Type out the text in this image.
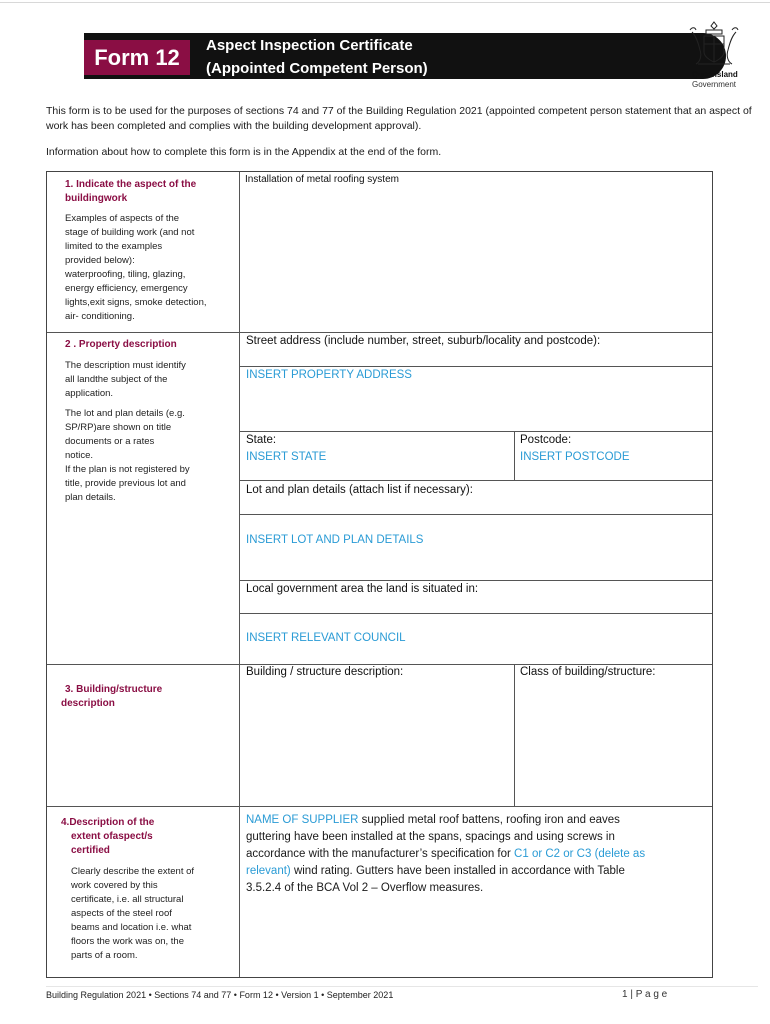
Form 12	Aspect Inspection Certificate
(Appointed Competent Person)	Queensland
Government
This form is to be used for the purposes of sections 74 and 77 of the Building Regulation 2021 (appointed competent person statement that an aspect of work has been completed and complies with the building development approval).
Information about how to complete this form is in the Appendix at the end of the form.
1. Indicate the aspect of the
buildingwork
Examples of aspects of the
stage of building work (and not
limited to the examples
provided below):
waterproofing, tiling, glazing,
energy efficiency, emergency
lights,exit signs, smoke detection,
air- conditioning.
Installation of metal roofing system
2 . Property description
The description must identify
all landthe subject of the
application.
The lot and plan details (e.g.
SP/RP)are shown on title
documents or a rates
notice.
If the plan is not registered by
title, provide previous lot and
plan details.
Street address (include number, street, suburb/locality and postcode):
INSERT PROPERTY ADDRESS
State:
INSERT STATE
Postcode:
INSERT POSTCODE
Lot and plan details (attach list if necessary):
INSERT LOT AND PLAN DETAILS
Local government area the land is situated in:
INSERT RELEVANT COUNCIL
3. Building/structure
description
Building / structure description:	Class of building/structure:
4.Description of the
extent ofaspect/s
certified
Clearly describe the extent of
work covered by this
certificate, i.e. all structural
aspects of the steel roof
beams and location i.e. what
floors the work was on, the
parts of a room.
NAME OF SUPPLIER supplied metal roof battens, roofing iron and eaves
guttering have been installed at the spans, spacings and using screws in
accordance with the manufacturer’s specification for C1 or C2 or C3 (delete as
relevant) wind rating. Gutters have been installed in accordance with Table
3.5.2.4 of the BCA Vol 2 – Overflow measures.
Building Regulation 2021 • Sections 74 and 77 • Form 12 • Version 1 • September 2021	1 | P a g e
